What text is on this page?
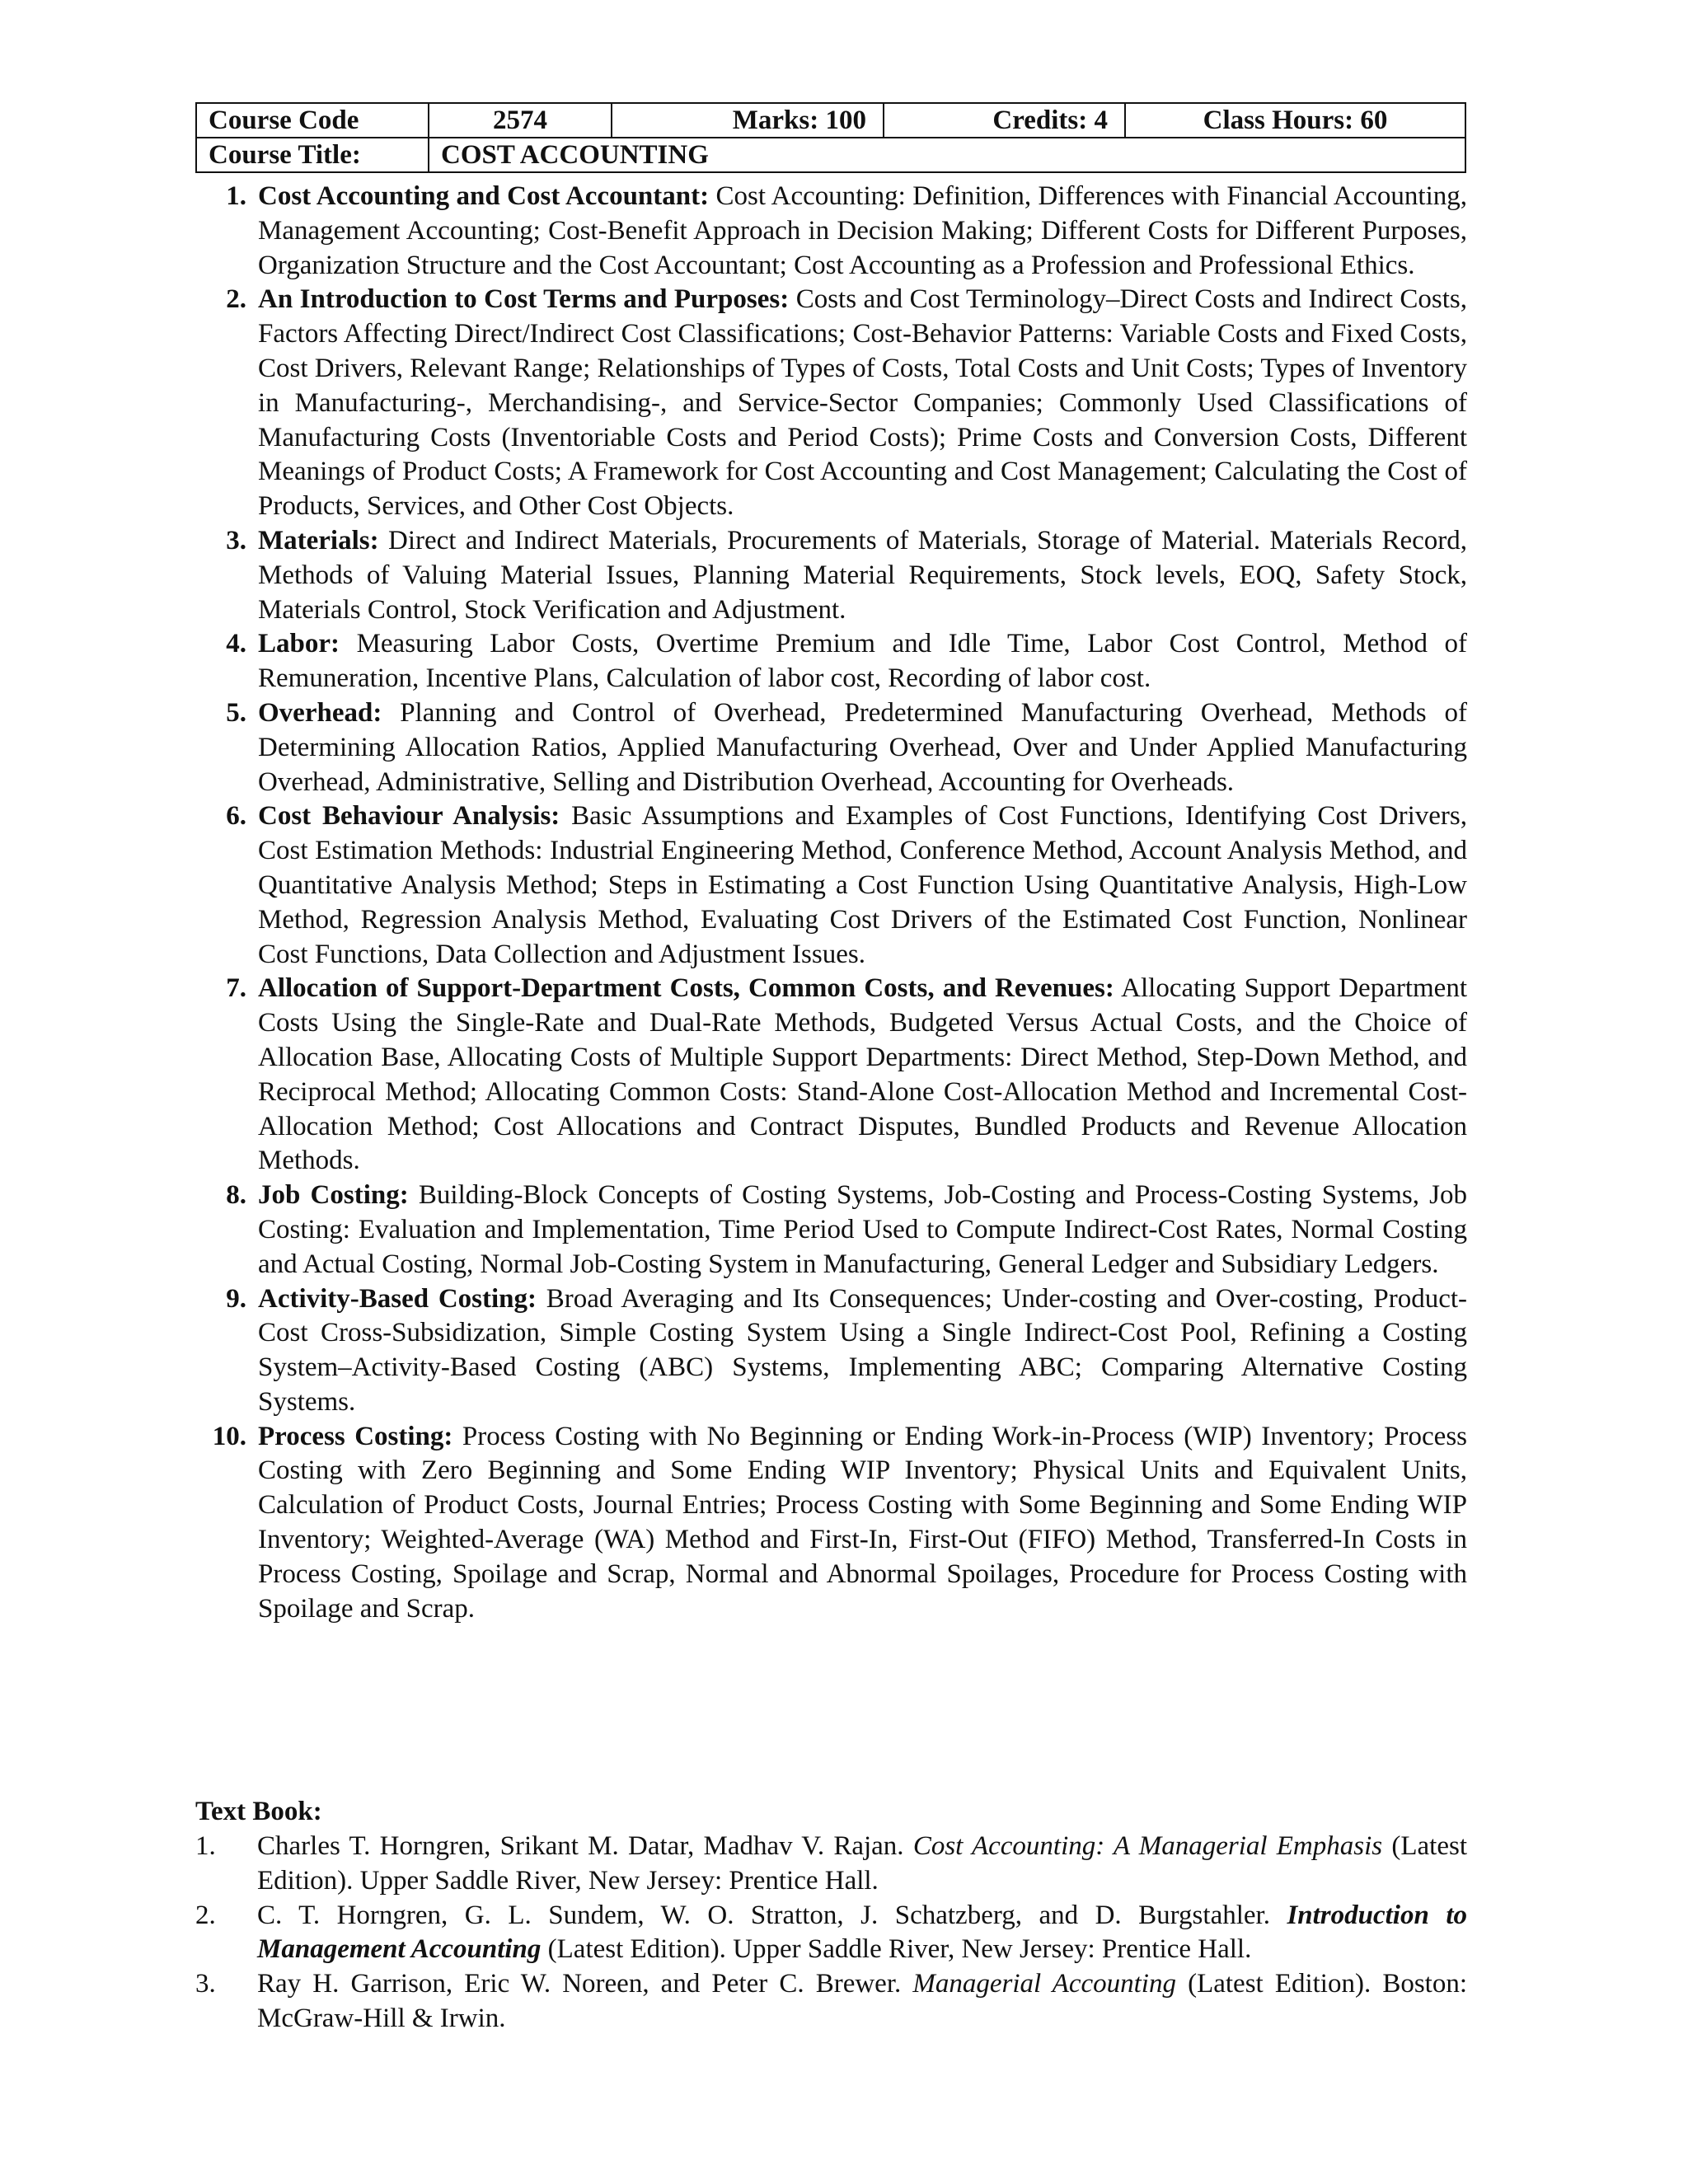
Course Code	2574	Marks: 100	Credits: 4	Class Hours: 60
Course Title:	COST ACCOUNTING			
1. Cost Accounting and Cost Accountant: Cost Accounting: Definition, Differences with Financial Accounting, Management Accounting; Cost-Benefit Approach in Decision Making; Different Costs for Different Purposes, Organization Structure and the Cost Accountant; Cost Accounting as a Profession and Professional Ethics.
2. An Introduction to Cost Terms and Purposes: Costs and Cost Terminology–Direct Costs and Indirect Costs, Factors Affecting Direct/Indirect Cost Classifications; Cost-Behavior Patterns: Variable Costs and Fixed Costs, Cost Drivers, Relevant Range; Relationships of Types of Costs, Total Costs and Unit Costs; Types of Inventory in Manufacturing-, Merchandising-, and Service-Sector Companies; Commonly Used Classifications of Manufacturing Costs (Inventoriable Costs and Period Costs); Prime Costs and Conversion Costs, Different Meanings of Product Costs; A Framework for Cost Accounting and Cost Management; Calculating the Cost of Products, Services, and Other Cost Objects.
3. Materials: Direct and Indirect Materials, Procurements of Materials, Storage of Material. Materials Record, Methods of Valuing Material Issues, Planning Material Requirements, Stock levels, EOQ, Safety Stock, Materials Control, Stock Verification and Adjustment.
4. Labor: Measuring Labor Costs, Overtime Premium and Idle Time, Labor Cost Control, Method of Remuneration, Incentive Plans, Calculation of labor cost, Recording of labor cost.
5. Overhead: Planning and Control of Overhead, Predetermined Manufacturing Overhead, Methods of Determining Allocation Ratios, Applied Manufacturing Overhead, Over and Under Applied Manufacturing Overhead, Administrative, Selling and Distribution Overhead, Accounting for Overheads.
6. Cost Behaviour Analysis: Basic Assumptions and Examples of Cost Functions, Identifying Cost Drivers, Cost Estimation Methods: Industrial Engineering Method, Conference Method, Account Analysis Method, and Quantitative Analysis Method; Steps in Estimating a Cost Function Using Quantitative Analysis, High-Low Method, Regression Analysis Method, Evaluating Cost Drivers of the Estimated Cost Function, Nonlinear Cost Functions, Data Collection and Adjustment Issues.
7. Allocation of Support-Department Costs, Common Costs, and Revenues: Allocating Support Department Costs Using the Single-Rate and Dual-Rate Methods, Budgeted Versus Actual Costs, and the Choice of Allocation Base, Allocating Costs of Multiple Support Departments: Direct Method, Step-Down Method, and Reciprocal Method; Allocating Common Costs: Stand-Alone Cost-Allocation Method and Incremental Cost-Allocation Method; Cost Allocations and Contract Disputes, Bundled Products and Revenue Allocation Methods.
8. Job Costing: Building-Block Concepts of Costing Systems, Job-Costing and Process-Costing Systems, Job Costing: Evaluation and Implementation, Time Period Used to Compute Indirect-Cost Rates, Normal Costing and Actual Costing, Normal Job-Costing System in Manufacturing, General Ledger and Subsidiary Ledgers.
9. Activity-Based Costing: Broad Averaging and Its Consequences; Under-costing and Over-costing, Product-Cost Cross-Subsidization, Simple Costing System Using a Single Indirect-Cost Pool, Refining a Costing System–Activity-Based Costing (ABC) Systems, Implementing ABC; Comparing Alternative Costing Systems.
10. Process Costing: Process Costing with No Beginning or Ending Work-in-Process (WIP) Inventory; Process Costing with Zero Beginning and Some Ending WIP Inventory; Physical Units and Equivalent Units, Calculation of Product Costs, Journal Entries; Process Costing with Some Beginning and Some Ending WIP Inventory; Weighted-Average (WA) Method and First-In, First-Out (FIFO) Method, Transferred-In Costs in Process Costing, Spoilage and Scrap, Normal and Abnormal Spoilages, Procedure for Process Costing with Spoilage and Scrap.
Text Book:
1.	Charles T. Horngren, Srikant M. Datar, Madhav V. Rajan. Cost Accounting: A Managerial Emphasis (Latest Edition). Upper Saddle River, New Jersey: Prentice Hall.
2.	C. T. Horngren, G. L. Sundem, W. O. Stratton, J. Schatzberg, and D. Burgstahler. Introduction to Management Accounting (Latest Edition). Upper Saddle River, New Jersey: Prentice Hall.
3.	Ray H. Garrison, Eric W. Noreen, and Peter C. Brewer. Managerial Accounting (Latest Edition). Boston: McGraw-Hill & Irwin.
